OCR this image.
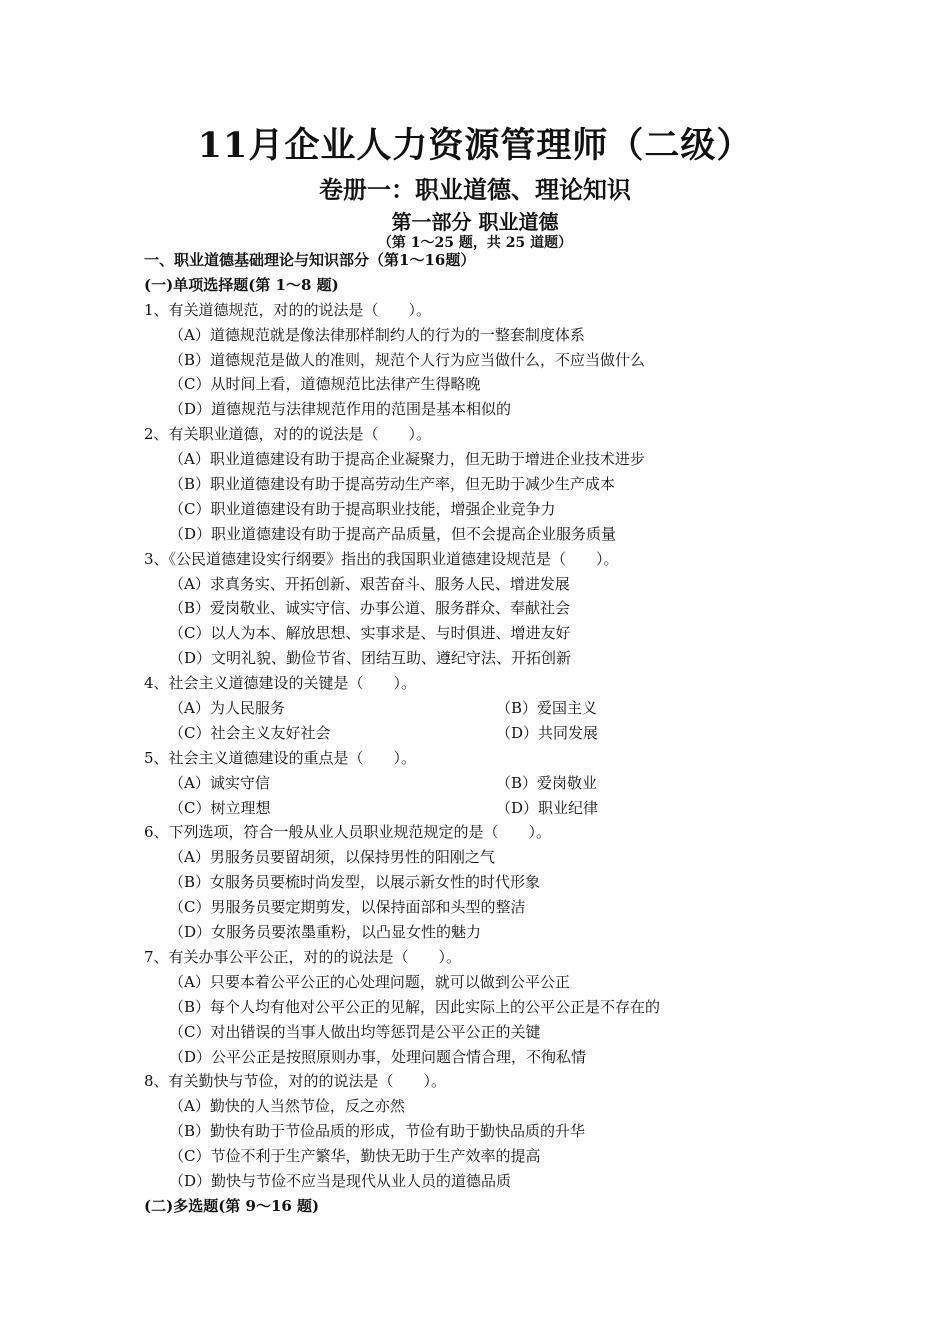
11月企业人力资源管理师（二级）
卷册一：职业道德、理论知识
第一部分 职业道德
（第 1～25 题，共 25 道题）
一、职业道德基础理论与知识部分（第1～16题）
(一)单项选择题(第 1～8 题)
1、有关道德规范，对的的说法是（　　）。
（A）道德规范就是像法律那样制约人的行为的一整套制度体系
（B）道德规范是做人的准则，规范个人行为应当做什么，不应当做什么
（C）从时间上看，道德规范比法律产生得略晚
（D）道德规范与法律规范作用的范围是基本相似的
2、有关职业道德，对的的说法是（　　）。
（A）职业道德建设有助于提高企业凝聚力，但无助于增进企业技术进步
（B）职业道德建设有助于提高劳动生产率，但无助于减少生产成本
（C）职业道德建设有助于提高职业技能，增强企业竞争力
（D）职业道德建设有助于提高产品质量，但不会提高企业服务质量
3、《公民道德建设实行纲要》指出的我国职业道德建设规范是（　　）。
（A）求真务实、开拓创新、艰苦奋斗、服务人民、增进发展
（B）爱岗敬业、诚实守信、办事公道、服务群众、奉献社会
（C）以人为本、解放思想、实事求是、与时俱进、增进友好
（D）文明礼貌、勤俭节省、团结互助、遵纪守法、开拓创新
4、社会主义道德建设的关键是（　　）。
（A）为人民服务	（B）爱国主义
（C）社会主义友好社会	（D）共同发展
5、社会主义道德建设的重点是（　　）。
（A）诚实守信	（B）爱岗敬业
（C）树立理想	（D）职业纪律
6、下列选项，符合一般从业人员职业规范规定的是（　　）。
（A）男服务员要留胡须，以保持男性的阳刚之气
（B）女服务员要梳时尚发型，以展示新女性的时代形象
（C）男服务员要定期剪发，以保持面部和头型的整洁
（D）女服务员要浓墨重粉，以凸显女性的魅力
7、有关办事公平公正，对的的说法是（　　）。
（A）只要本着公平公正的心处理问题，就可以做到公平公正
（B）每个人均有他对公平公正的见解，因此实际上的公平公正是不存在的
（C）对出错误的当事人做出均等惩罚是公平公正的关键
（D）公平公正是按照原则办事，处理问题合情合理，不徇私情
8、有关勤快与节俭，对的的说法是（　　）。
（A）勤快的人当然节俭，反之亦然
（B）勤快有助于节俭品质的形成，节俭有助于勤快品质的升华
（C）节俭不利于生产繁华，勤快无助于生产效率的提高
（D）勤快与节俭不应当是现代从业人员的道德品质
(二)多选题(第 9～16 题)
